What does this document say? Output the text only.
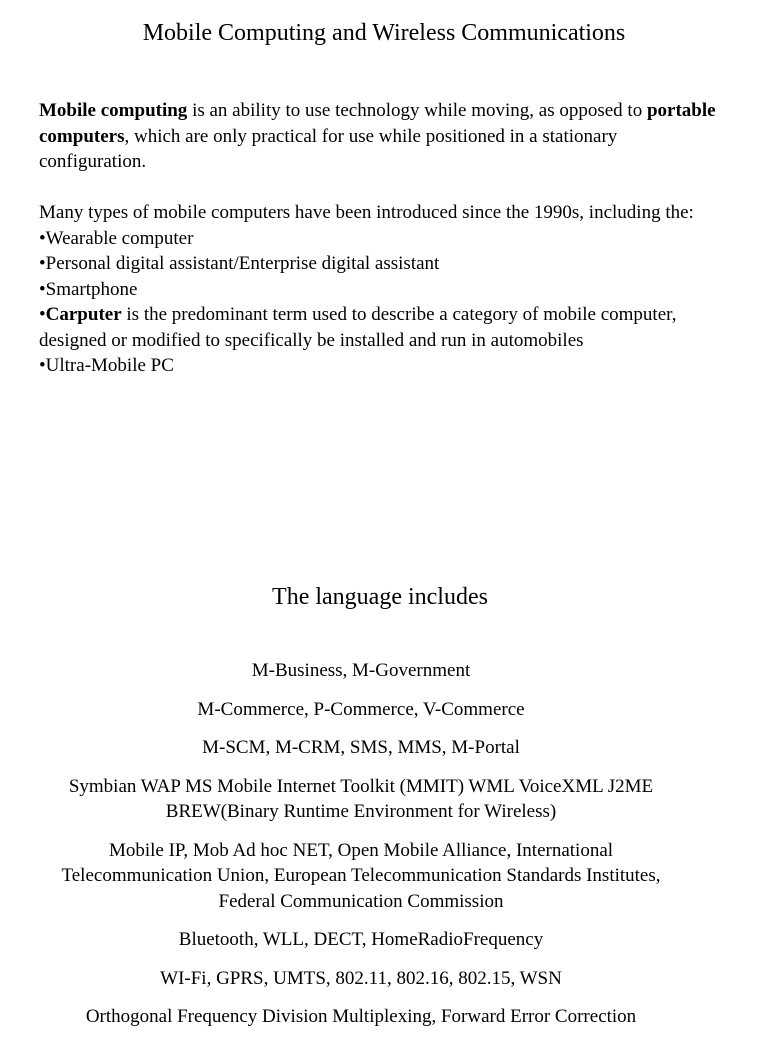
Mobile Computing and Wireless Communications
Mobile computing is an ability to use technology while moving, as opposed to portable computers, which are only practical for use while positioned in a stationary configuration.
Many types of mobile computers have been introduced since the 1990s, including the:
•Wearable computer
•Personal digital assistant/Enterprise digital assistant
•Smartphone
•Carputer is the predominant term used to describe a category of mobile computer, designed or modified to specifically be installed and run in automobiles
•Ultra-Mobile PC
The language includes
M-Business, M-Government
M-Commerce, P-Commerce, V-Commerce
M-SCM, M-CRM, SMS, MMS, M-Portal
Symbian WAP MS Mobile Internet Toolkit (MMIT) WML VoiceXML J2ME BREW(Binary Runtime Environment for Wireless)
Mobile IP, Mob Ad hoc NET, Open Mobile Alliance, International Telecommunication Union, European Telecommunication Standards Institutes, Federal Communication Commission
Bluetooth, WLL, DECT, HomeRadioFrequency
WI-Fi, GPRS, UMTS, 802.11, 802.16, 802.15, WSN
Orthogonal Frequency Division Multiplexing, Forward Error Correction
